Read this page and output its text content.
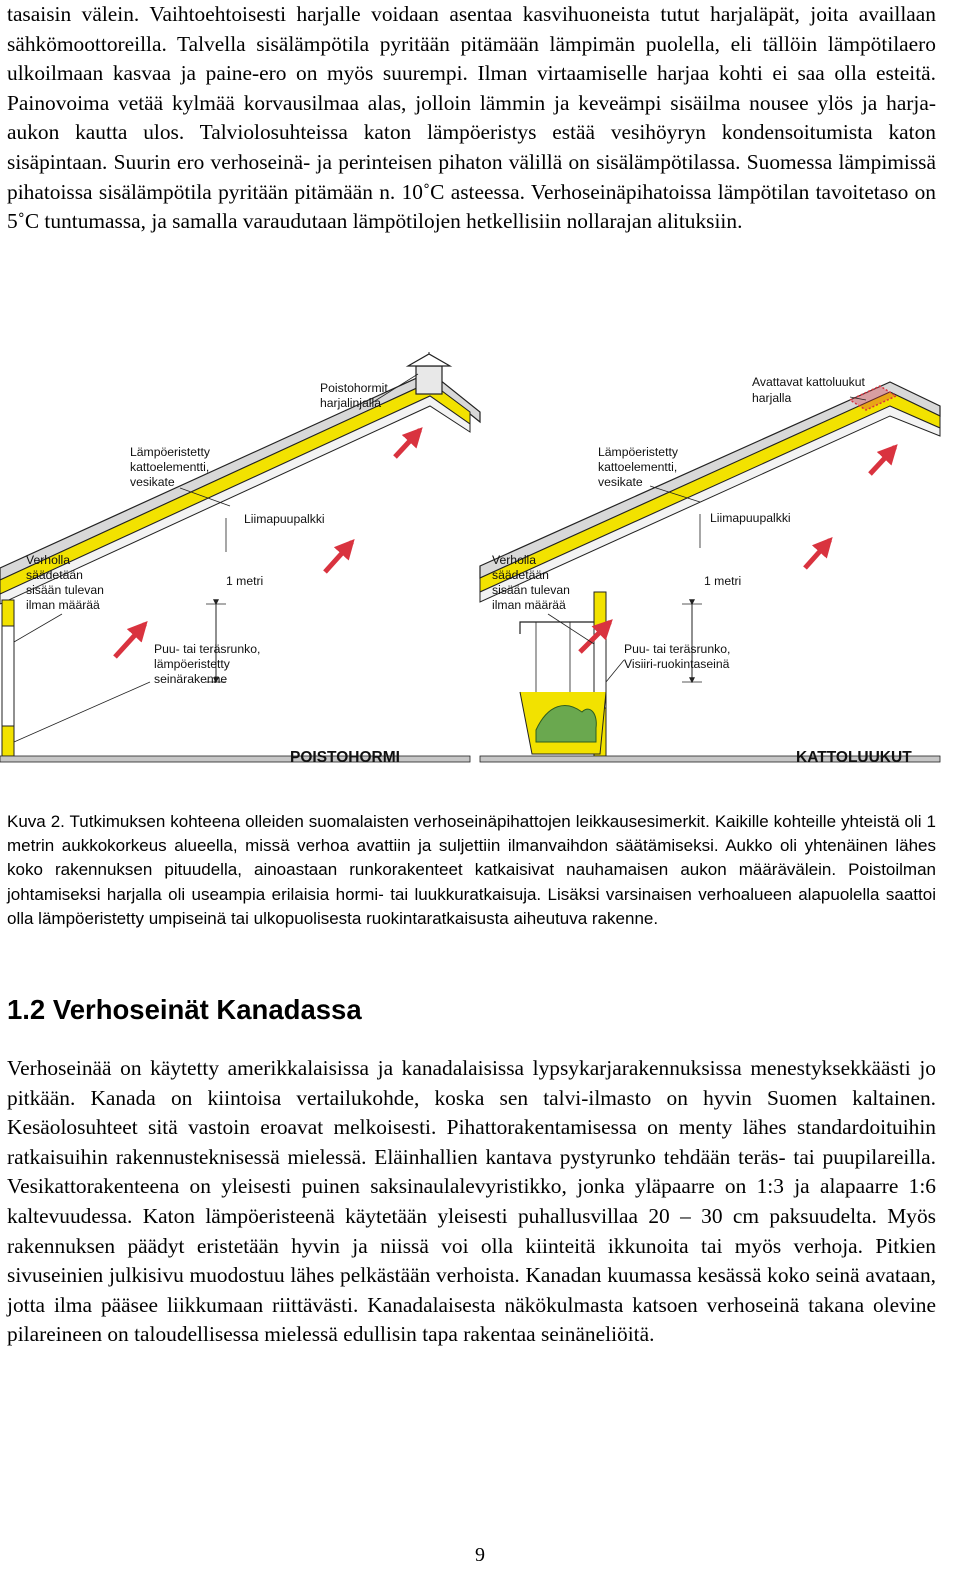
tasaisin välein. Vaihtoehtoisesti harjalle voidaan asentaa kasvihuoneista tutut harjaläpät, joita availlaan sähkömoottoreilla. Talvella sisälämpötila pyritään pitämään lämpimän puolella, eli tällöin lämpötilaero ulkoilmaan kasvaa ja paine-ero on myös suurempi. Ilman virtaamiselle harjaa kohti ei saa olla esteitä. Painovoima vetää kylmää korvausilmaa alas, jolloin lämmin ja keveämpi sisäilma nousee ylös ja harja-aukon kautta ulos. Talviolosuhteissa katon lämpöeristys estää vesihöyryn kondensoitumista katon sisäpintaan. Suurin ero verhoseinä- ja perinteisen pihaton välillä on sisälämpötilassa. Suomessa lämpimissä pihatoissa sisälämpötila pyritään pitämään n. 10˚C asteessa. Verhoseinäpihatoissa lämpötilan tavoitetaso on 5˚C tuntumassa, ja samalla varaudutaan lämpötilojen hetkellisiin nollarajan alituksiin.

Poistohormit
harjalinjalla
Lämpöeristetty
kattoelementti,
vesikate
Liimapuupalkki
Verholla
säädetään
sisään tulevan
ilman määrää
1 metri
Puu- tai teräsrunko,
lämpöeristetty
seinärakenne
POISTOHORMI
Avattavat kattoluukut
harjalla
Lämpöeristetty
kattoelementti,
vesikate
Liimapuupalkki
Verholla
säädetään
sisään tulevan
ilman määrää
1 metri
Puu- tai teräsrunko,
Visiiri-ruokintaseinä
KATTOLUUKUT

Kuva 2. Tutkimuksen kohteena olleiden suomalaisten verhoseinäpihattojen leikkausesimerkit. Kaikille kohteille yhteistä oli 1 metrin aukkokorkeus alueella, missä verhoa avattiin ja suljettiin ilmanvaihdon säätämiseksi. Aukko oli yhtenäinen lähes koko rakennuksen pituudella, ainoastaan runkorakenteet katkaisivat nauhamaisen aukon määrävälein. Poistoilman johtamiseksi harjalla oli useampia erilaisia hormi- tai luukkuratkaisuja. Lisäksi varsinaisen verhoalueen alapuolella saattoi olla lämpöeristetty umpiseinä tai ulkopuolisesta ruokintaratkaisusta aiheutuva rakenne.

1.2 Verhoseinät Kanadassa

Verhoseinää on käytetty amerikkalaisissa ja kanadalaisissa lypsykarjarakennuksissa menestyksekkäästi jo pitkään. Kanada on kiintoisa vertailukohde, koska sen talvi-ilmasto on hyvin Suomen kaltainen. Kesäolosuhteet sitä vastoin eroavat melkoisesti. Pihattorakentamisessa on menty lähes standardoituihin ratkaisuihin rakennusteknisessä mielessä. Eläinhallien kantava pystyrunko tehdään teräs- tai puupilareilla. Vesikattorakenteena on yleisesti puinen saksinaulalevyristikko, jonka yläpaarre on 1:3 ja alapaarre 1:6 kaltevuudessa. Katon lämpöeristeenä käytetään yleisesti puhallusvillaa 20 – 30 cm paksuudelta. Myös rakennuksen päädyt eristetään hyvin ja niissä voi olla kiinteitä ikkunoita tai myös verhoja. Pitkien sivuseinien julkisivu muodostuu lähes pelkästään verhoista. Kanadan kuumassa kesässä koko seinä avataan, jotta ilma pääsee liikkumaan riittävästi. Kanadalaisesta näkökulmasta katsoen verhoseinä takana olevine pilareineen on taloudellisessa mielessä edullisin tapa rakentaa seinäneliöitä.

9
